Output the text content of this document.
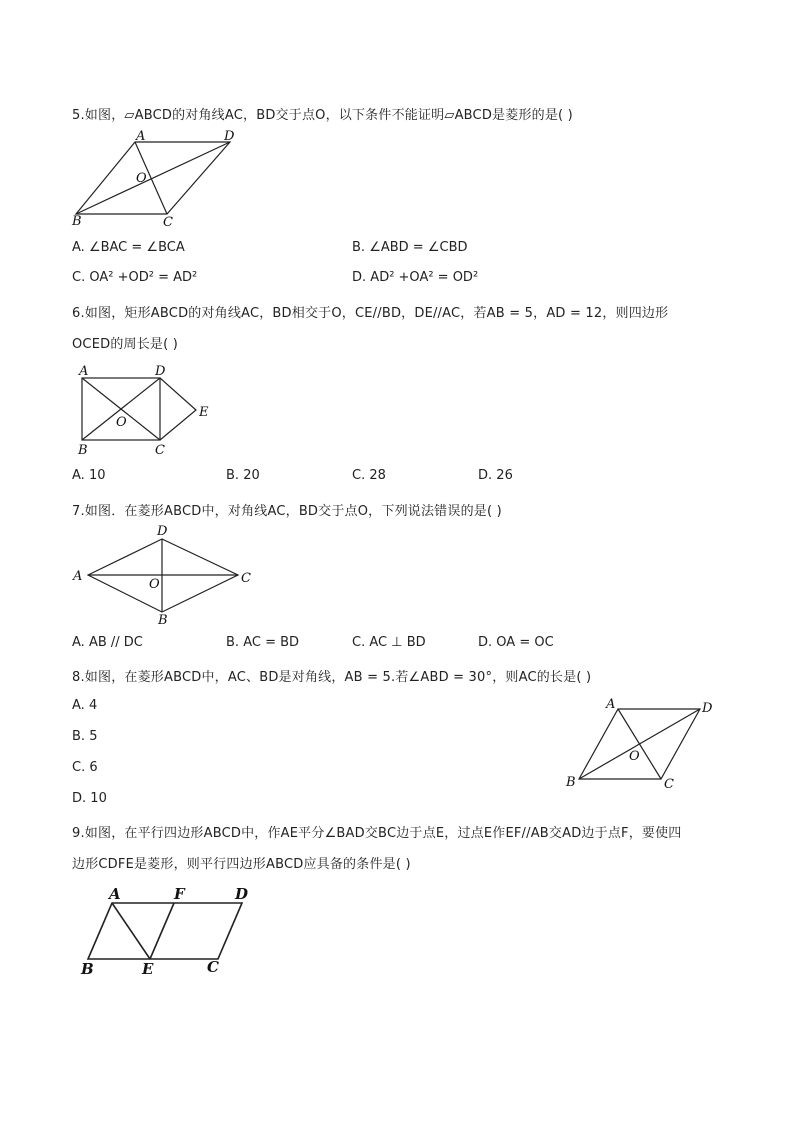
5.如图，▱ABCD的对角线AC，BD交于点O，以下条件不能证明▱ABCD是菱形的是( )
A	D
B	C
O
A. ∠BAC = ∠BCA	B. ∠ABD = ∠CBD
C. OA² +OD² = AD²	D. AD² +OA² = OD²
6.如图，矩形ABCD的对角线AC，BD相交于O，CE//BD，DE//AC，若AB = 5，AD = 12，则四边形
OCED的周长是( )
A	D
B	C
O
E
A. 10	B. 20	C. 28	D. 26
7.如图．在菱形ABCD中，对角线AC，BD交于点O，下列说法错误的是( )
A
D
C
B
O
A. AB // DC	B. AC = BD	C. AC ⊥ BD	D. OA = OC
8.如图，在菱形ABCD中，AC、BD是对角线，AB = 5.若∠ABD = 30°，则AC的长是( )
A. 4
B. 5
C. 6
D. 10
A	D
B	C
O
9.如图，在平行四边形ABCD中，作AE平分∠BAD交BC边于点E，过点E作EF//AB交AD边于点F，要使四
边形CDFE是菱形，则平行四边形ABCD应具备的条件是( )
A	F	D
B	E	C
